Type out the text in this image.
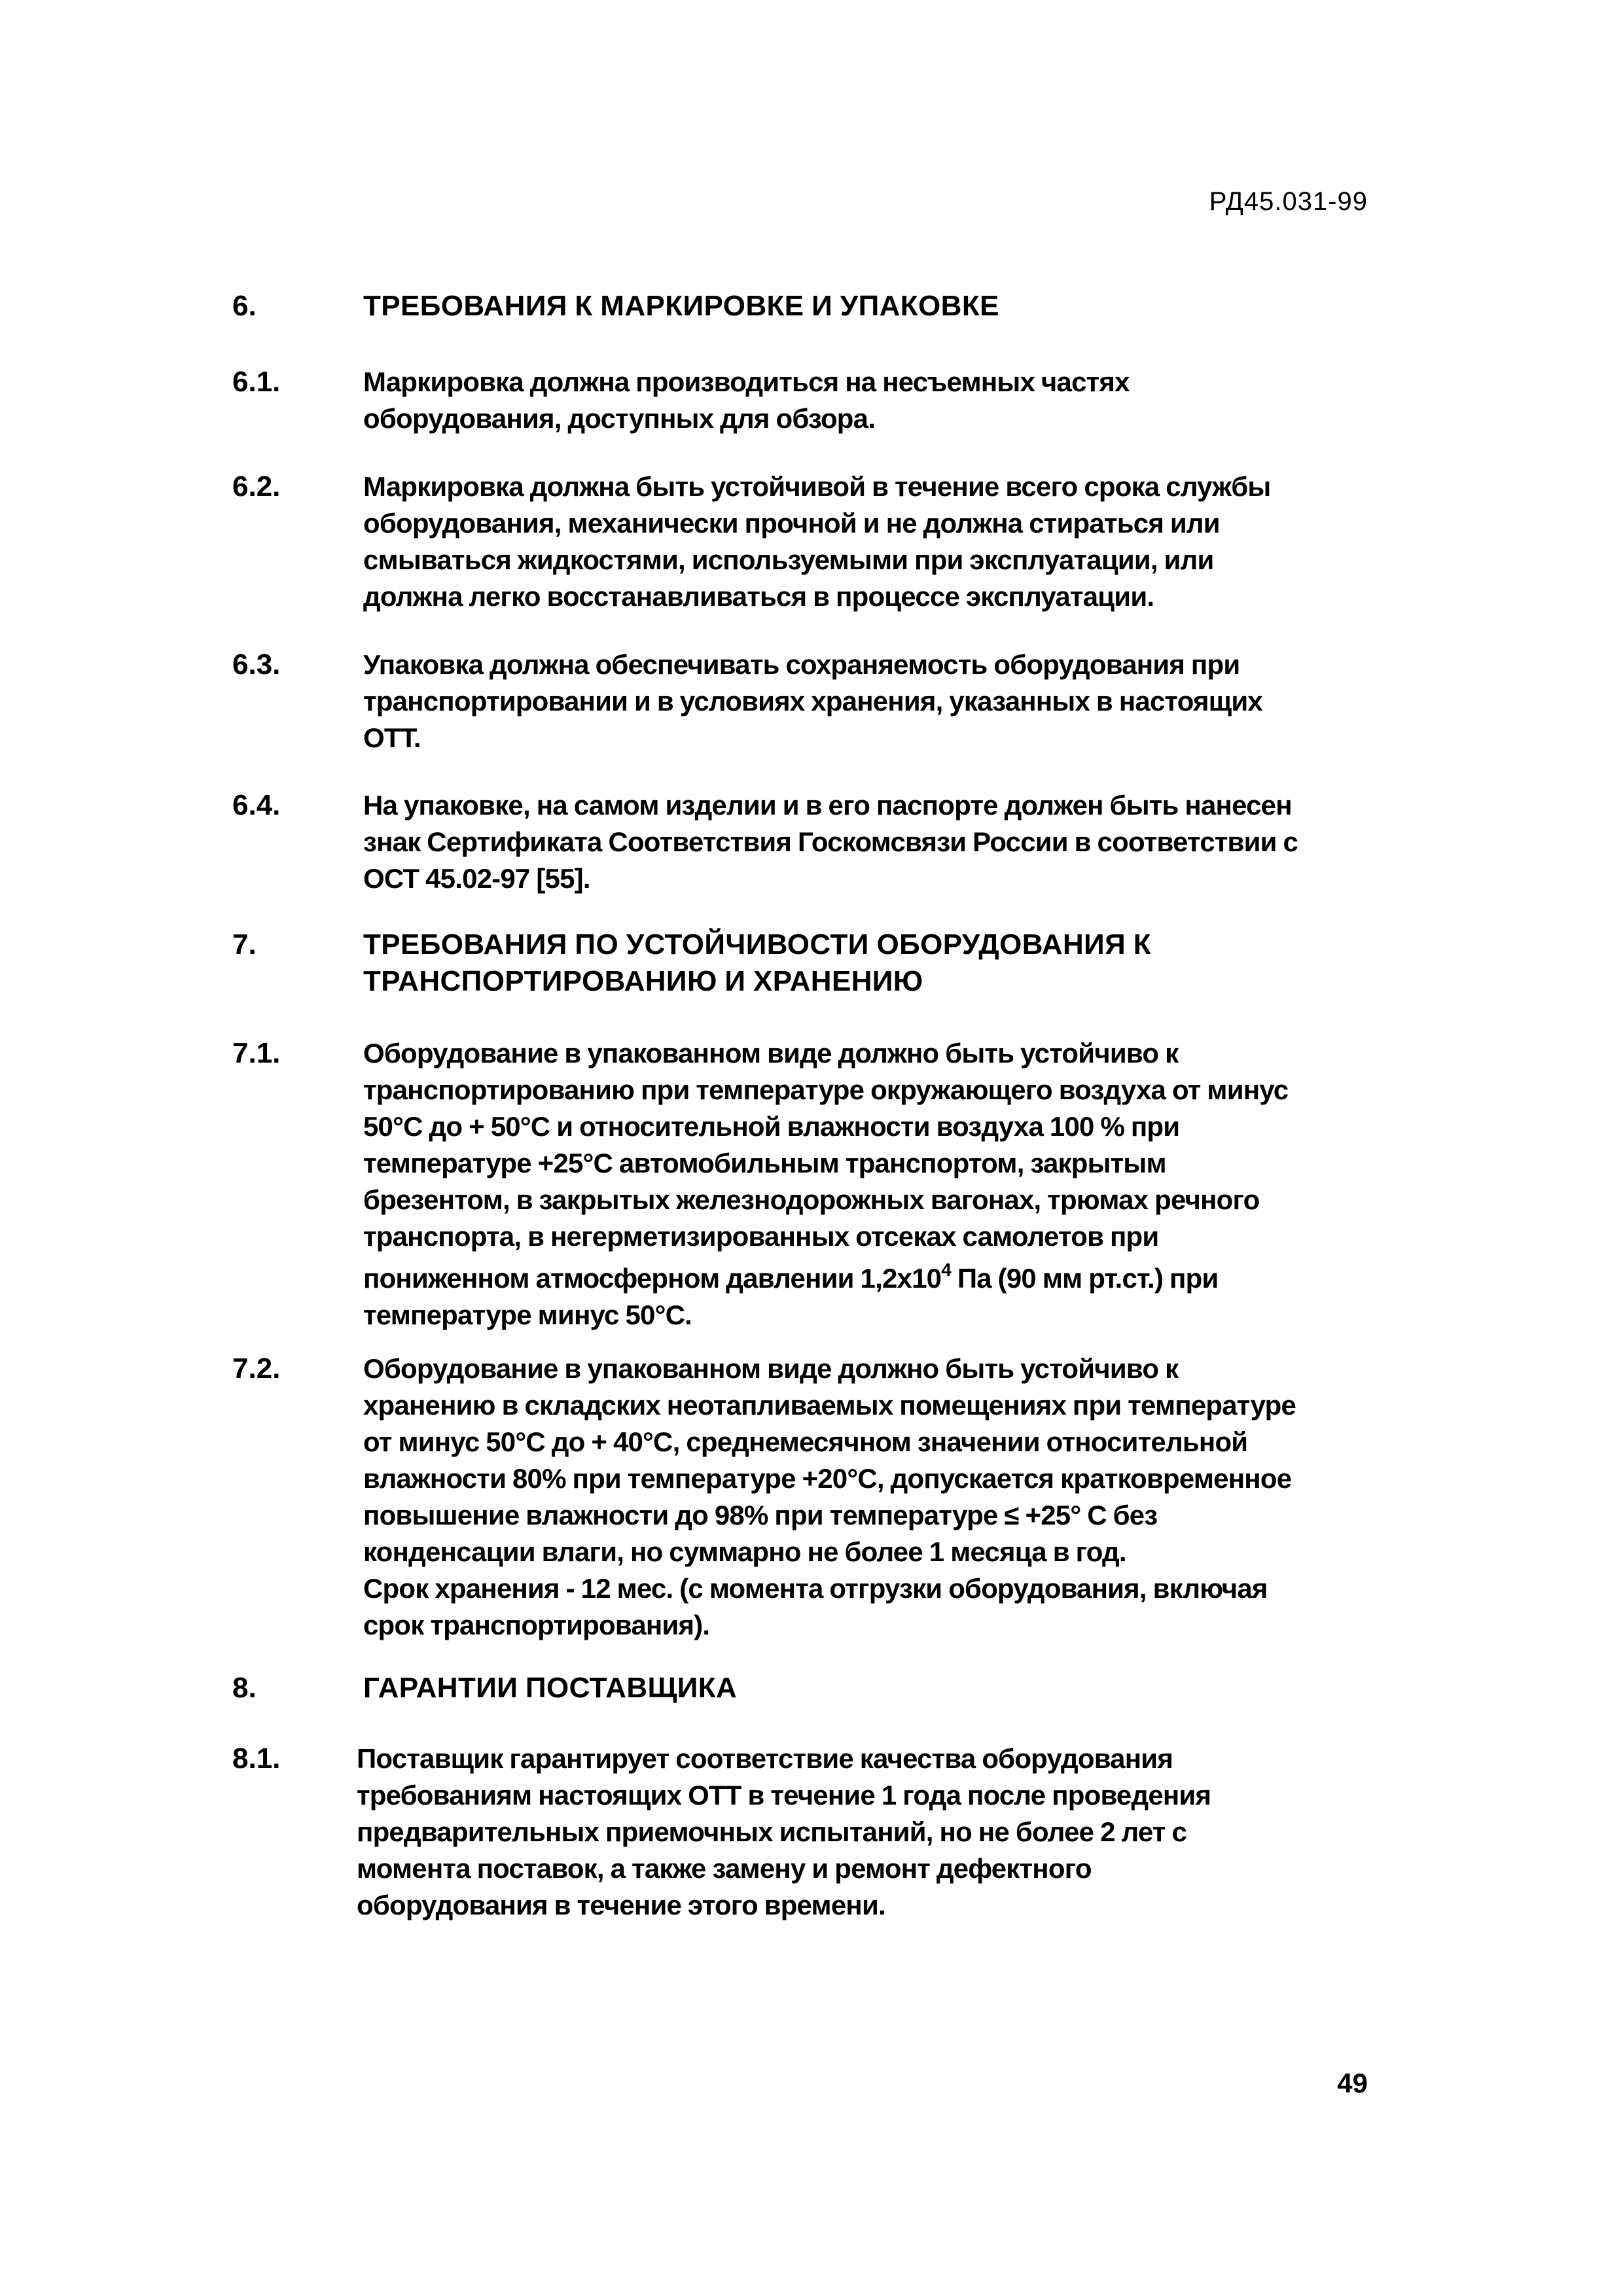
РД45.031-99
6.	ТРЕБОВАНИЯ К МАРКИРОВКЕ И УПАКОВКЕ
6.1.	Маркировка должна производиться на несъемных частях
оборудования, доступных для обзора.
6.2.	Маркировка должна быть устойчивой в течение всего срока службы
оборудования, механически прочной и не должна стираться или
смываться жидкостями, используемыми при эксплуатации, или
должна легко восстанавливаться в процессе эксплуатации.
6.3.	Упаковка должна обеспечивать сохраняемость оборудования при
транспортировании и в условиях хранения, указанных в настоящих
ОТТ.
6.4.	На упаковке, на самом изделии и в его паспорте должен быть нанесен
знак Сертификата Соответствия Госкомсвязи России в соответствии с
ОСТ 45.02-97 [55].
7.	ТРЕБОВАНИЯ ПО УСТОЙЧИВОСТИ ОБОРУДОВАНИЯ К
ТРАНСПОРТИРОВАНИЮ И ХРАНЕНИЮ
7.1.	Оборудование в упакованном виде должно быть устойчиво к
транспортированию при температуре окружающего воздуха от минус
50°С до + 50°С и относительной влажности воздуха 100 % при
температуре +25°С автомобильным транспортом, закрытым
брезентом, в закрытых железнодорожных вагонах, трюмах речного
транспорта, в негерметизированных отсеках самолетов при
пониженном атмосферном давлении $1,2х10^4$ Па (90 мм рт.ст.) при
температуре минус 50°С.
7.2.	Оборудование в упакованном виде должно быть устойчиво к
хранению в складских неотапливаемых помещениях при температуре
от минус 50°С до + 40°С, среднемесячном значении относительной
влажности 80% при температуре +20°С, допускается кратковременное
повышение влажности до 98% при температуре ≤ +25° С без
конденсации влаги, но суммарно не более 1 месяца в год.
Срок хранения - 12 мес. (с момента отгрузки оборудования, включая
срок транспортирования).
8.	ГАРАНТИИ ПОСТАВЩИКА
8.1.	Поставщик гарантирует соответствие качества оборудования
требованиям настоящих ОТТ в течение 1 года после проведения
предварительных приемочных испытаний, но не более 2 лет с
момента поставок, а также замену и ремонт дефектного
оборудования в течение этого времени.
49
